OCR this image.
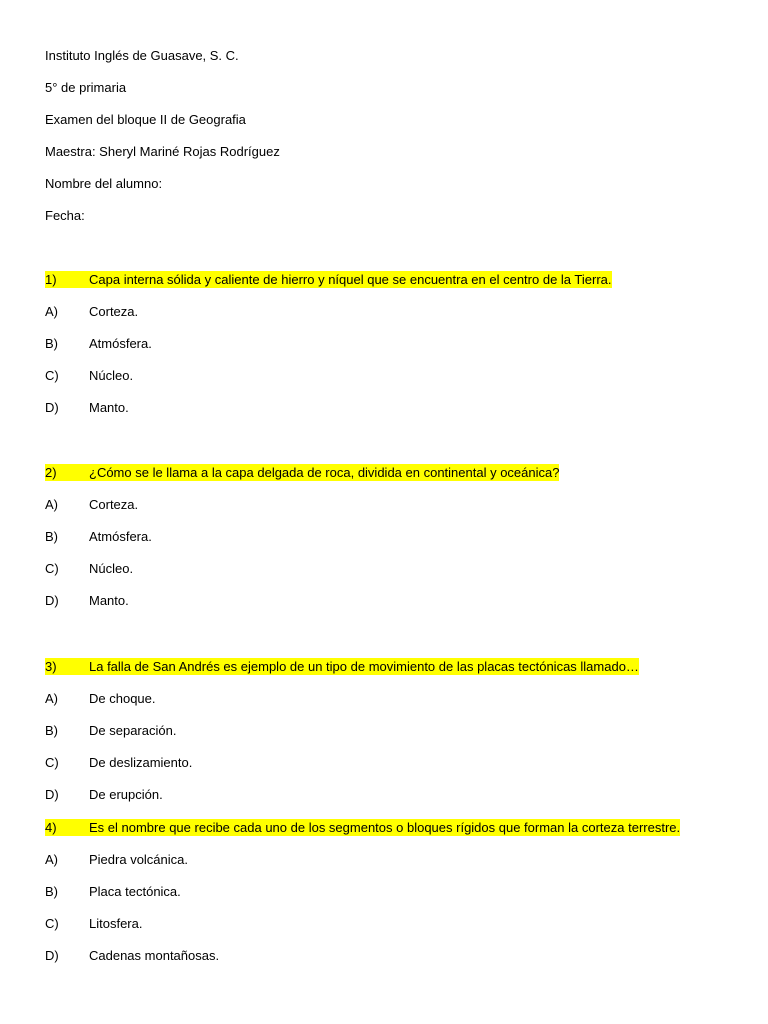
Instituto Inglés de Guasave, S. C.
5° de primaria
Examen del bloque II de Geografia
Maestra: Sheryl Mariné Rojas Rodríguez
Nombre del alumno:
Fecha:
1) Capa interna sólida y caliente de hierro y níquel que se encuentra en el centro de la Tierra.
A) Corteza.
B) Atmósfera.
C) Núcleo.
D) Manto.
2) ¿Cómo se le llama a la capa delgada de roca, dividida en continental y oceánica?
A) Corteza.
B) Atmósfera.
C) Núcleo.
D) Manto.
3) La falla de San Andrés es ejemplo de un tipo de movimiento de las placas tectónicas llamado…
A) De choque.
B) De separación.
C) De deslizamiento.
D) De erupción.
4) Es el nombre que recibe cada uno de los segmentos o bloques rígidos que forman la corteza terrestre.
A) Piedra volcánica.
B) Placa tectónica.
C) Litosfera.
D) Cadenas montañosas.
